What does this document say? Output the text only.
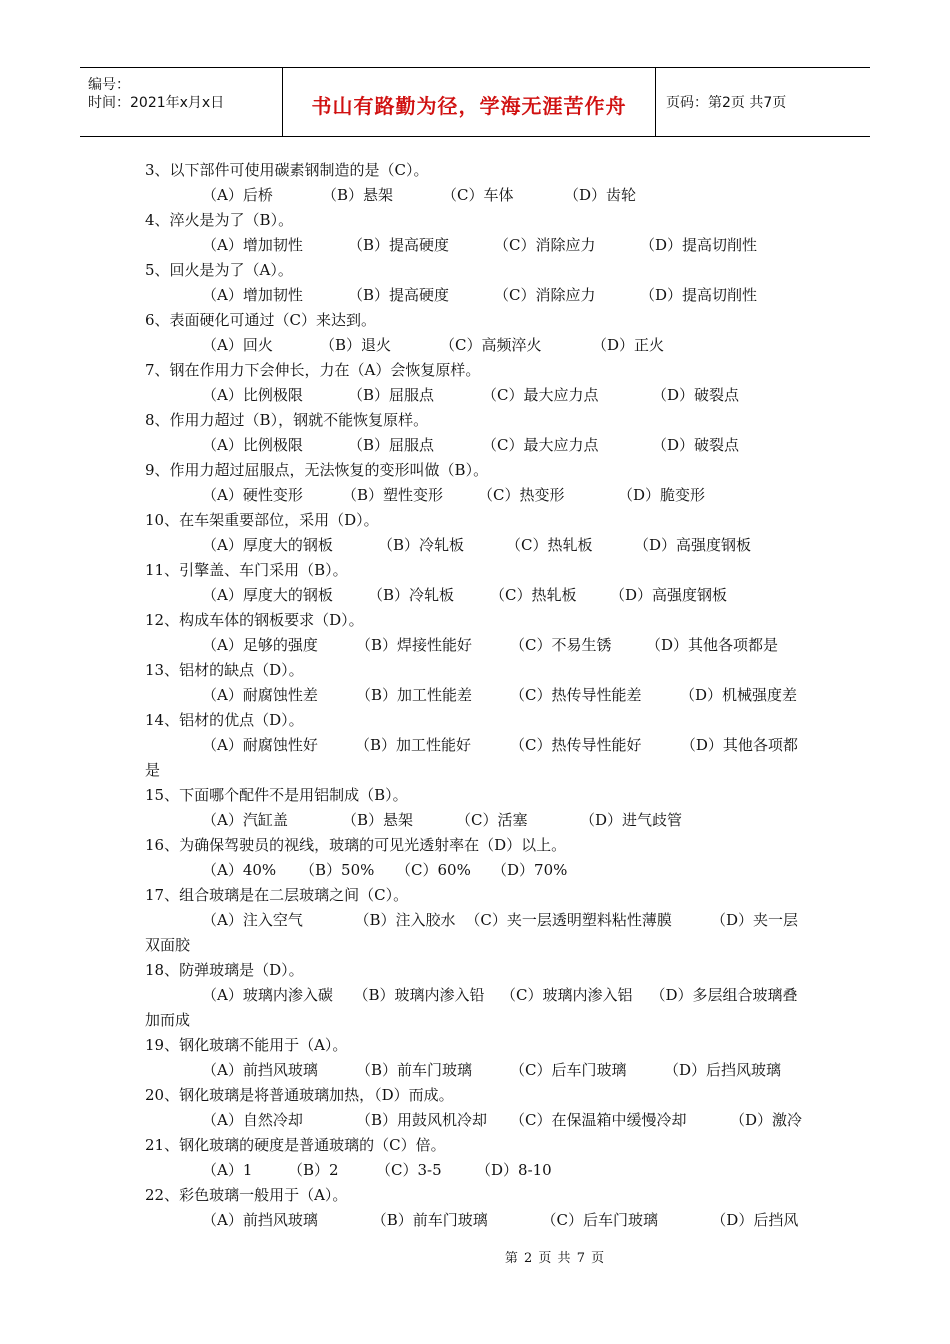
编号：
时间：2021年x月x日	书山有路勤为径，学海无涯苦作舟	页码：第2页 共7页
3、以下部件可使用碳素钢制造的是（C）。
（A）后桥	（B）悬架	（C）车体	（D）齿轮
4、淬火是为了（B）。
（A）增加韧性	（B）提高硬度	（C）消除应力	（D）提高切削性
5、回火是为了（A）。
（A）增加韧性	（B）提高硬度	（C）消除应力	（D）提高切削性
6、表面硬化可通过（C）来达到。
（A）回火	（B）退火	（C）高频淬火	（D）正火
7、钢在作用力下会伸长，力在（A）会恢复原样。
（A）比例极限	（B）屈服点	（C）最大应力点	（D）破裂点
8、作用力超过（B），钢就不能恢复原样。
（A）比例极限	（B）屈服点	（C）最大应力点	（D）破裂点
9、作用力超过屈服点，无法恢复的变形叫做（B）。
（A）硬性变形	（B）塑性变形	（C）热变形	（D）脆变形
10、在车架重要部位，采用（D）。
（A）厚度大的钢板	（B）冷轧板	（C）热轧板	（D）高强度钢板
11、引擎盖、车门采用（B）。
（A）厚度大的钢板	（B）冷轧板	（C）热轧板	（D）高强度钢板
12、构成车体的钢板要求（D）。
（A）足够的强度	（B）焊接性能好	（C）不易生锈	（D）其他各项都是
13、铝材的缺点（D）。
（A）耐腐蚀性差	（B）加工性能差	（C）热传导性能差	（D）机械强度差
14、铝材的优点（D）。
（A）耐腐蚀性好	（B）加工性能好	（C）热传导性能好	（D）其他各项都
是
15、下面哪个配件不是用铝制成（B）。
（A）汽缸盖	（B）悬架	（C）活塞	（D）进气歧管
16、为确保驾驶员的视线，玻璃的可见光透射率在（D）以上。
（A）40%	（B）50%	（C）60%	（D）70%
17、组合玻璃是在二层玻璃之间（C）。
（A）注入空气	（B）注入胶水 （C）夹一层透明塑料粘性薄膜	（D）夹一层
双面胶
18、防弹玻璃是（D）。
（A）玻璃内渗入碳	（B）玻璃内渗入铅	（C）玻璃内渗入铝	（D）多层组合玻璃叠
加而成
19、钢化玻璃不能用于（A）。
（A）前挡风玻璃	（B）前车门玻璃	（C）后车门玻璃	（D）后挡风玻璃
20、钢化玻璃是将普通玻璃加热，（D）而成。
（A）自然冷却	（B）用鼓风机冷却	（C）在保温箱中缓慢冷却	（D）激冷
21、钢化玻璃的硬度是普通玻璃的（C）倍。
（A）1	（B）2	（C）3-5	（D）8-10
22、彩色玻璃一般用于（A）。
（A）前挡风玻璃	（B）前车门玻璃	（C）后车门玻璃	（D）后挡风
第 2 页 共 7 页
